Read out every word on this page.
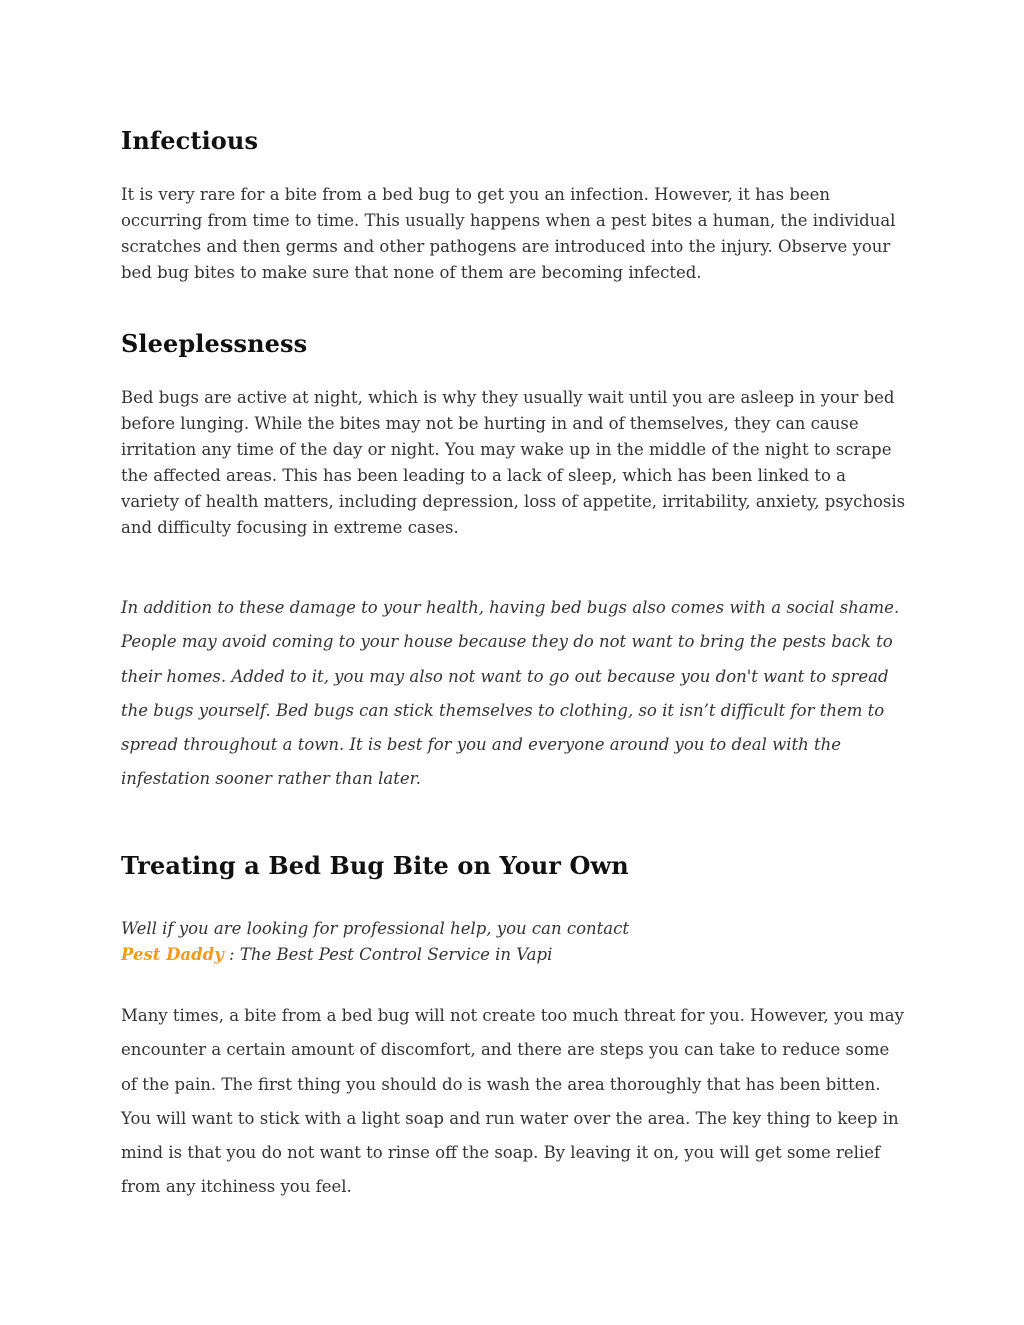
Infectious

It is very rare for a bite from a bed bug to get you an infection. However, it has been occurring from time to time. This usually happens when a pest bites a human, the individual scratches and then germs and other pathogens are introduced into the injury. Observe your bed bug bites to make sure that none of them are becoming infected.

Sleeplessness

Bed bugs are active at night, which is why they usually wait until you are asleep in your bed before lunging. While the bites may not be hurting in and of themselves, they can cause irritation any time of the day or night. You may wake up in the middle of the night to scrape the affected areas. This has been leading to a lack of sleep, which has been linked to a variety of health matters, including depression, loss of appetite, irritability, anxiety, psychosis and difficulty focusing in extreme cases.

In addition to these damage to your health, having bed bugs also comes with a social shame. People may avoid coming to your house because they do not want to bring the pests back to their homes. Added to it, you may also not want to go out because you don't want to spread the bugs yourself. Bed bugs can stick themselves to clothing, so it isn’t difficult for them to spread throughout a town. It is best for you and everyone around you to deal with the infestation sooner rather than later.

Treating a Bed Bug Bite on Your Own

Well if you are looking for professional help, you can contact
Pest Daddy : The Best Pest Control Service in Vapi

Many times, a bite from a bed bug will not create too much threat for you. However, you may encounter a certain amount of discomfort, and there are steps you can take to reduce some of the pain. The first thing you should do is wash the area thoroughly that has been bitten. You will want to stick with a light soap and run water over the area. The key thing to keep in mind is that you do not want to rinse off the soap. By leaving it on, you will get some relief from any itchiness you feel.
